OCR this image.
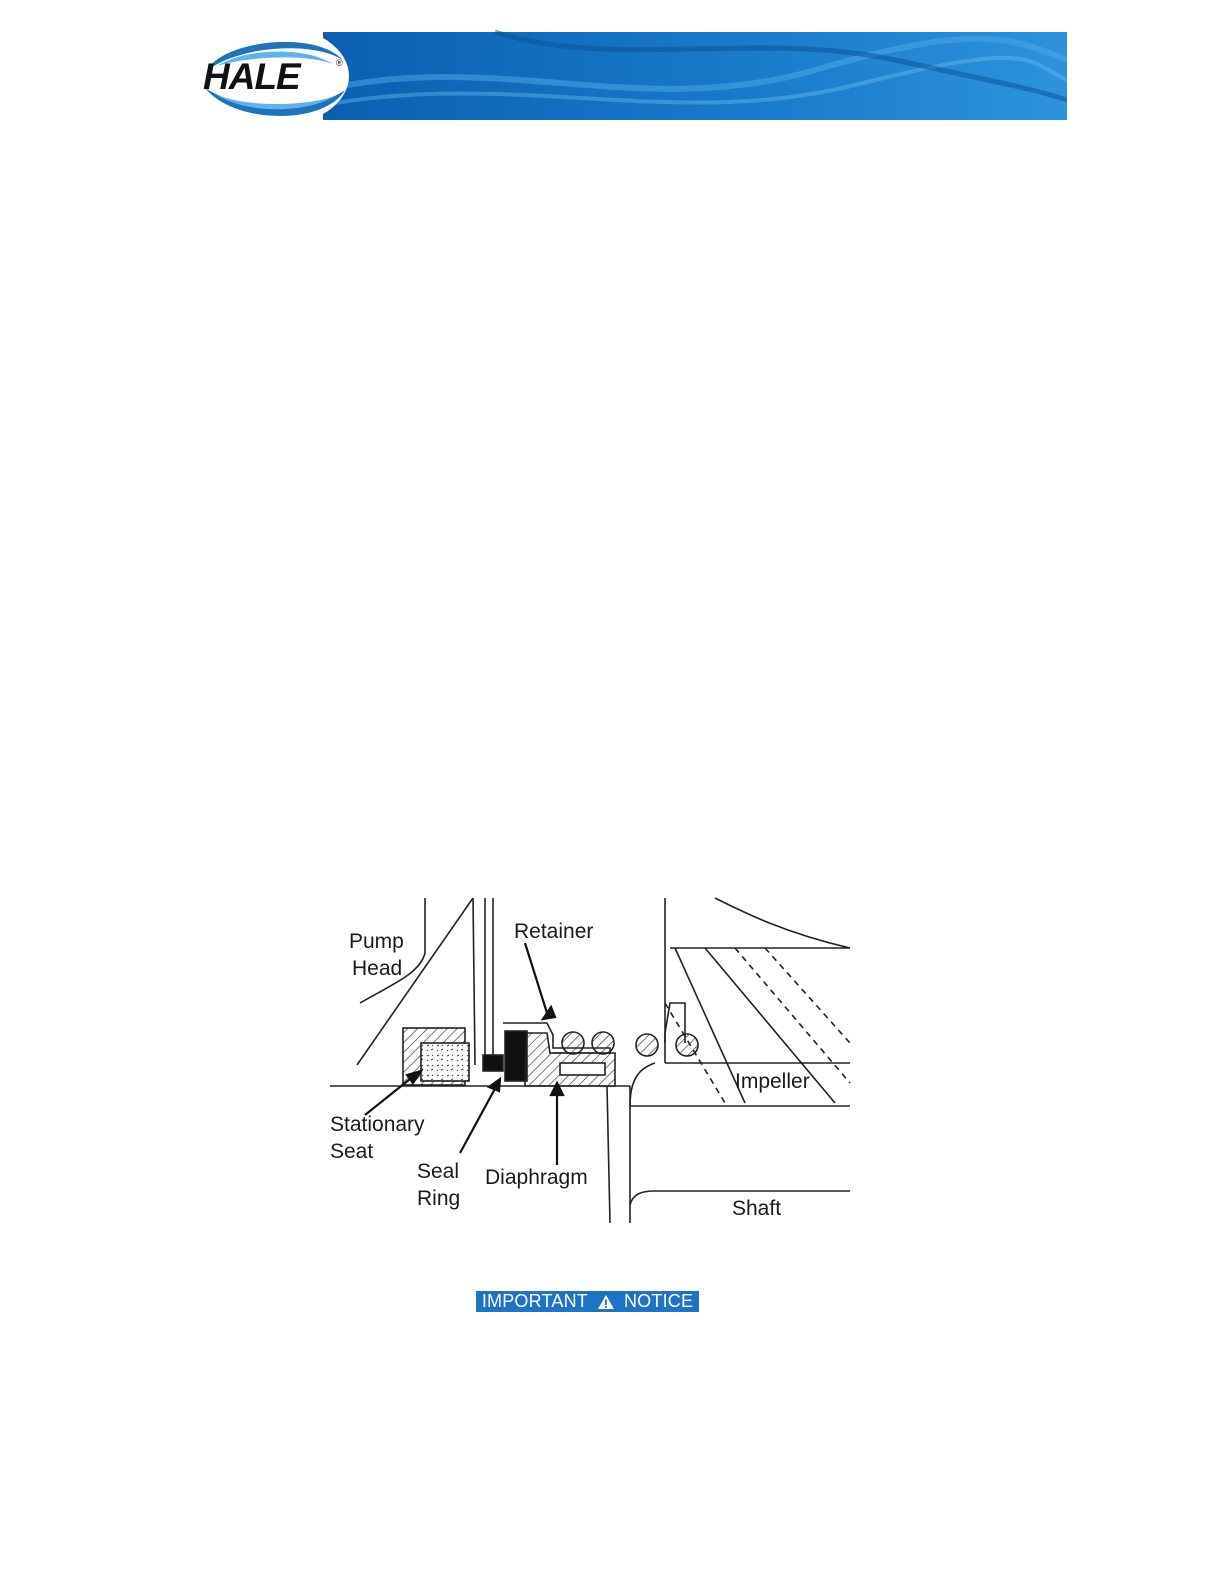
HALE	®
Pump
Head
Retainer
Stationary
Seat
Seal
Ring
Diaphragm
Impeller
Shaft
IMPORTANT NOTICE
